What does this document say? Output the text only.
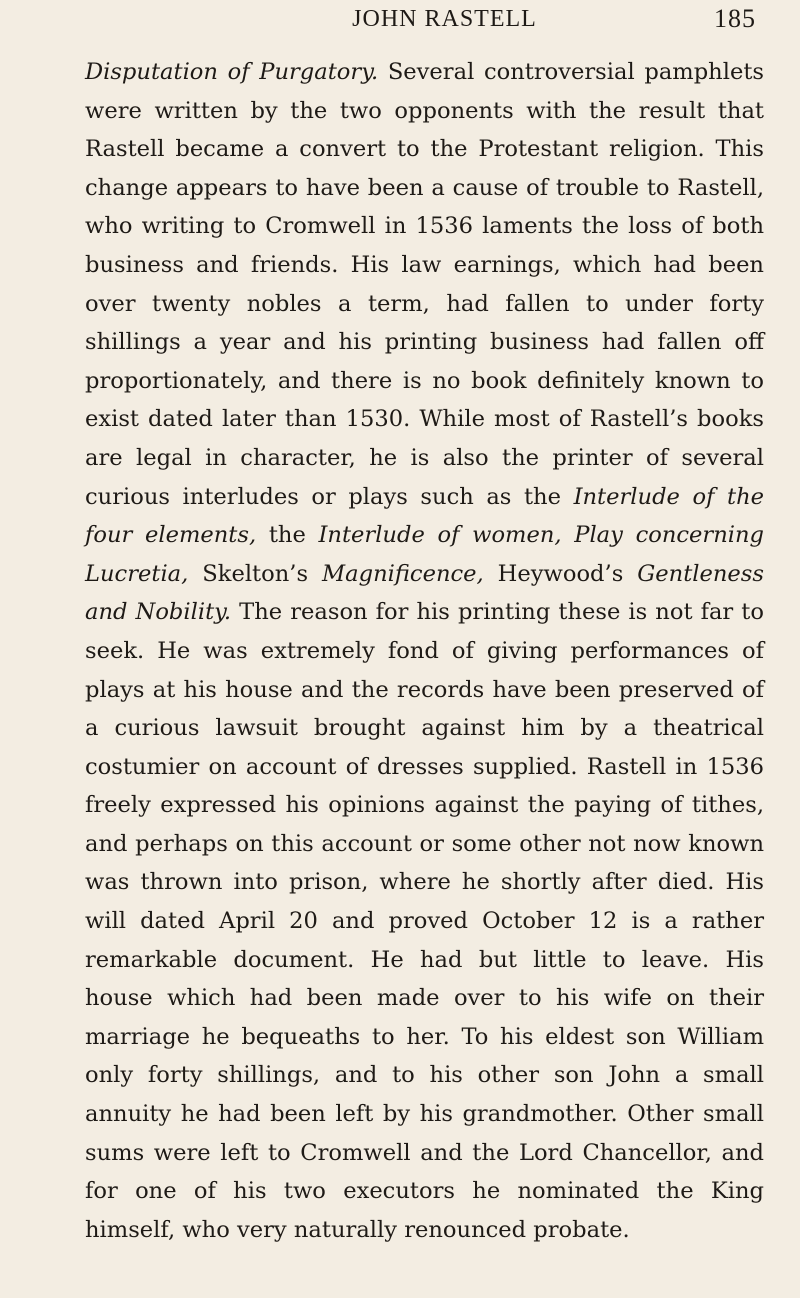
JOHN RASTELL	185

Disputation of Purgatory. Several controversial pamphlets were written by the two opponents with the result that Rastell became a convert to the Protestant religion. This change appears to have been a cause of trouble to Rastell, who writing to Cromwell in 1536 laments the loss of both business and friends. His law earnings, which had been over twenty nobles a term, had fallen to under forty shillings a year and his printing business had fallen off proportionately, and there is no book definitely known to exist dated later than 1530. While most of Rastell’s books are legal in character, he is also the printer of several curious interludes or plays such as the Interlude of the four elements, the Interlude of women, Play concerning Lucretia, Skelton’s Magnificence, Heywood’s Gentleness and Nobility. The reason for his printing these is not far to seek. He was extremely fond of giving performances of plays at his house and the records have been preserved of a curious lawsuit brought against him by a theatrical costumier on account of dresses supplied. Rastell in 1536 freely expressed his opinions against the paying of tithes, and perhaps on this account or some other not now known was thrown into prison, where he shortly after died. His will dated April 20 and proved October 12 is a rather remarkable document. He had but little to leave. His house which had been made over to his wife on their marriage he bequeaths to her. To his eldest son William only forty shillings, and to his other son John a small annuity he had been left by his grandmother. Other small sums were left to Cromwell and the Lord Chancellor, and for one of his two executors he nominated the King himself, who very naturally renounced probate.
